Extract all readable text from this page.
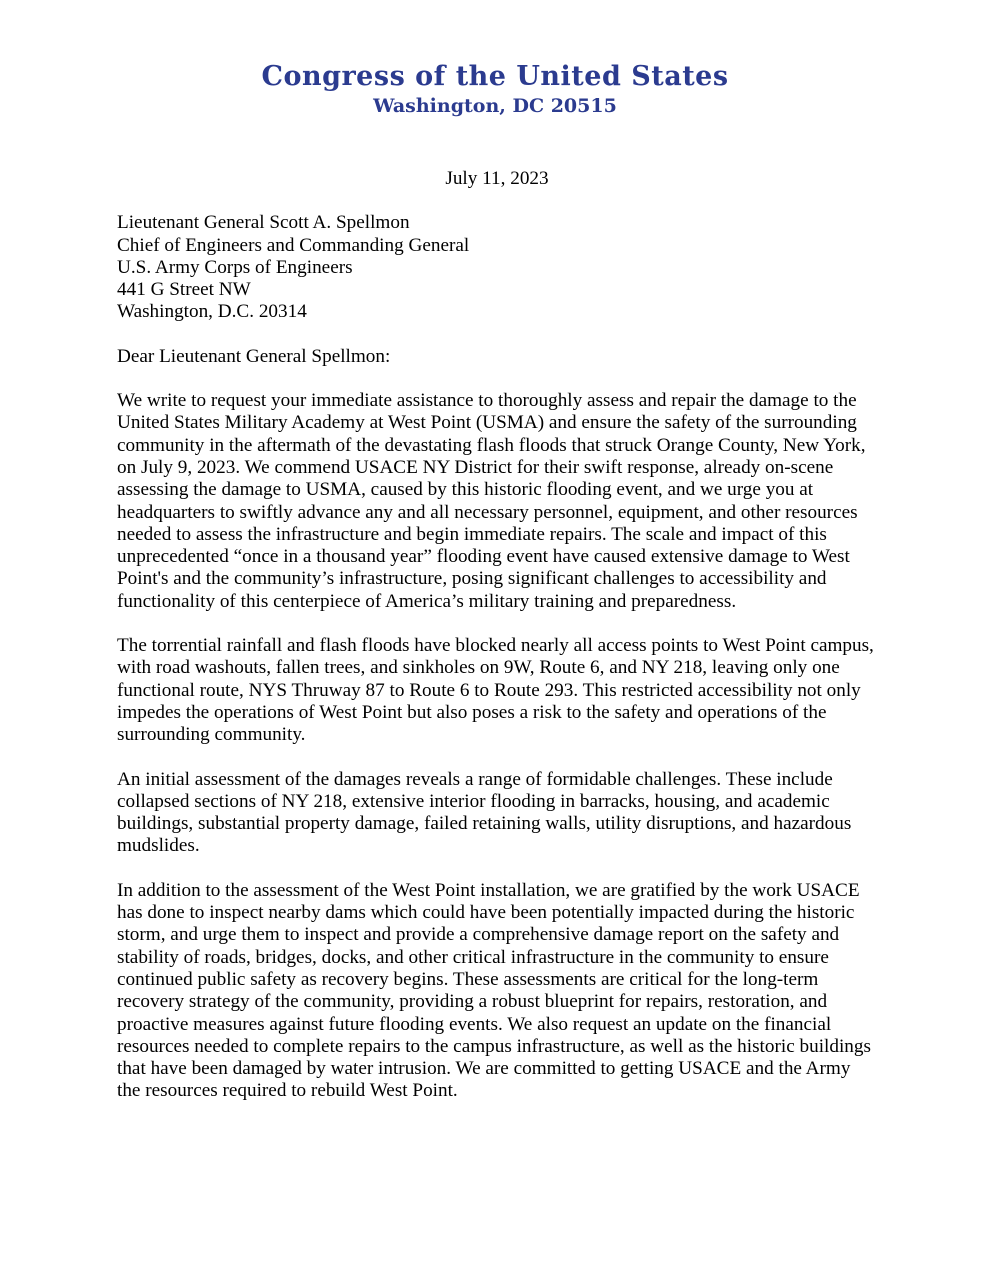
Congress of the United States
Washington, DC 20515
July 11, 2023
Lieutenant General Scott A. Spellmon
Chief of Engineers and Commanding General
U.S. Army Corps of Engineers
441 G Street NW
Washington, D.C. 20314
Dear Lieutenant General Spellmon:

We write to request your immediate assistance to thoroughly assess and repair the damage to the United States Military Academy at West Point (USMA) and ensure the safety of the surrounding community in the aftermath of the devastating flash floods that struck Orange County, New York, on July 9, 2023. We commend USACE NY District for their swift response, already on-scene assessing the damage to USMA, caused by this historic flooding event, and we urge you at headquarters to swiftly advance any and all necessary personnel, equipment, and other resources needed to assess the infrastructure and begin immediate repairs. The scale and impact of this unprecedented “once in a thousand year” flooding event have caused extensive damage to West Point's and the community’s infrastructure, posing significant challenges to accessibility and functionality of this centerpiece of America’s military training and preparedness.

The torrential rainfall and flash floods have blocked nearly all access points to West Point campus, with road washouts, fallen trees, and sinkholes on 9W, Route 6, and NY 218, leaving only one functional route, NYS Thruway 87 to Route 6 to Route 293. This restricted accessibility not only impedes the operations of West Point but also poses a risk to the safety and operations of the surrounding community.

An initial assessment of the damages reveals a range of formidable challenges. These include collapsed sections of NY 218, extensive interior flooding in barracks, housing, and academic buildings, substantial property damage, failed retaining walls, utility disruptions, and hazardous mudslides.

In addition to the assessment of the West Point installation, we are gratified by the work USACE has done to inspect nearby dams which could have been potentially impacted during the historic storm, and urge them to inspect and provide a comprehensive damage report on the safety and stability of roads, bridges, docks, and other critical infrastructure in the community to ensure continued public safety as recovery begins. These assessments are critical for the long-term recovery strategy of the community, providing a robust blueprint for repairs, restoration, and proactive measures against future flooding events. We also request an update on the financial resources needed to complete repairs to the campus infrastructure, as well as the historic buildings that have been damaged by water intrusion. We are committed to getting USACE and the Army the resources required to rebuild West Point.
